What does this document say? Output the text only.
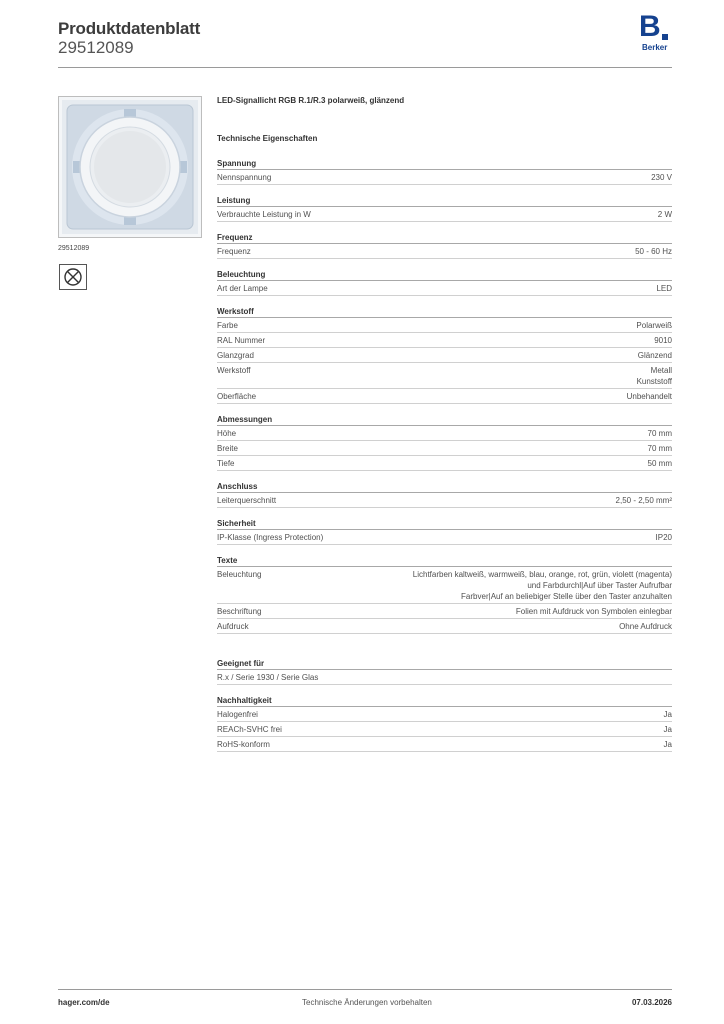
Produktdatenblatt
29512089
B
Berker
29512089
LED-Signallicht RGB R.1/R.3 polarweiß, glänzend
Technische Eigenschaften
Spannung
Nennspannung	230 V
Leistung
Verbrauchte Leistung in W	2 W
Frequenz
Frequenz	50 - 60 Hz
Beleuchtung
Art der Lampe	LED
Werkstoff
Farbe	Polarweiß
RAL Nummer	9010
Glanzgrad	Glänzend
Werkstoff	Metall
Kunststoff
Oberfläche	Unbehandelt
Abmessungen
Höhe	70 mm
Breite	70 mm
Tiefe	50 mm
Anschluss
Leiterquerschnitt	2,50 - 2,50 mm²
Sicherheit
IP-Klasse (Ingress Protection)	IP20
Texte
Beleuchtung	Lichtfarben kaltweiß, warmweiß, blau, orange, rot, grün, violett (magenta)
und Farbdurchl|Auf über Taster Aufrufbar
Farbver|Auf an beliebiger Stelle über den Taster anzuhalten
Beschriftung	Folien mit Aufdruck von Symbolen einlegbar
Aufdruck	Ohne Aufdruck
Geeignet für
R.x / Serie 1930 / Serie Glas
Nachhaltigkeit
Halogenfrei	Ja
REACh-SVHC frei	Ja
RoHS-konform	Ja
hager.com/de	Technische Änderungen vorbehalten	07.03.2026
